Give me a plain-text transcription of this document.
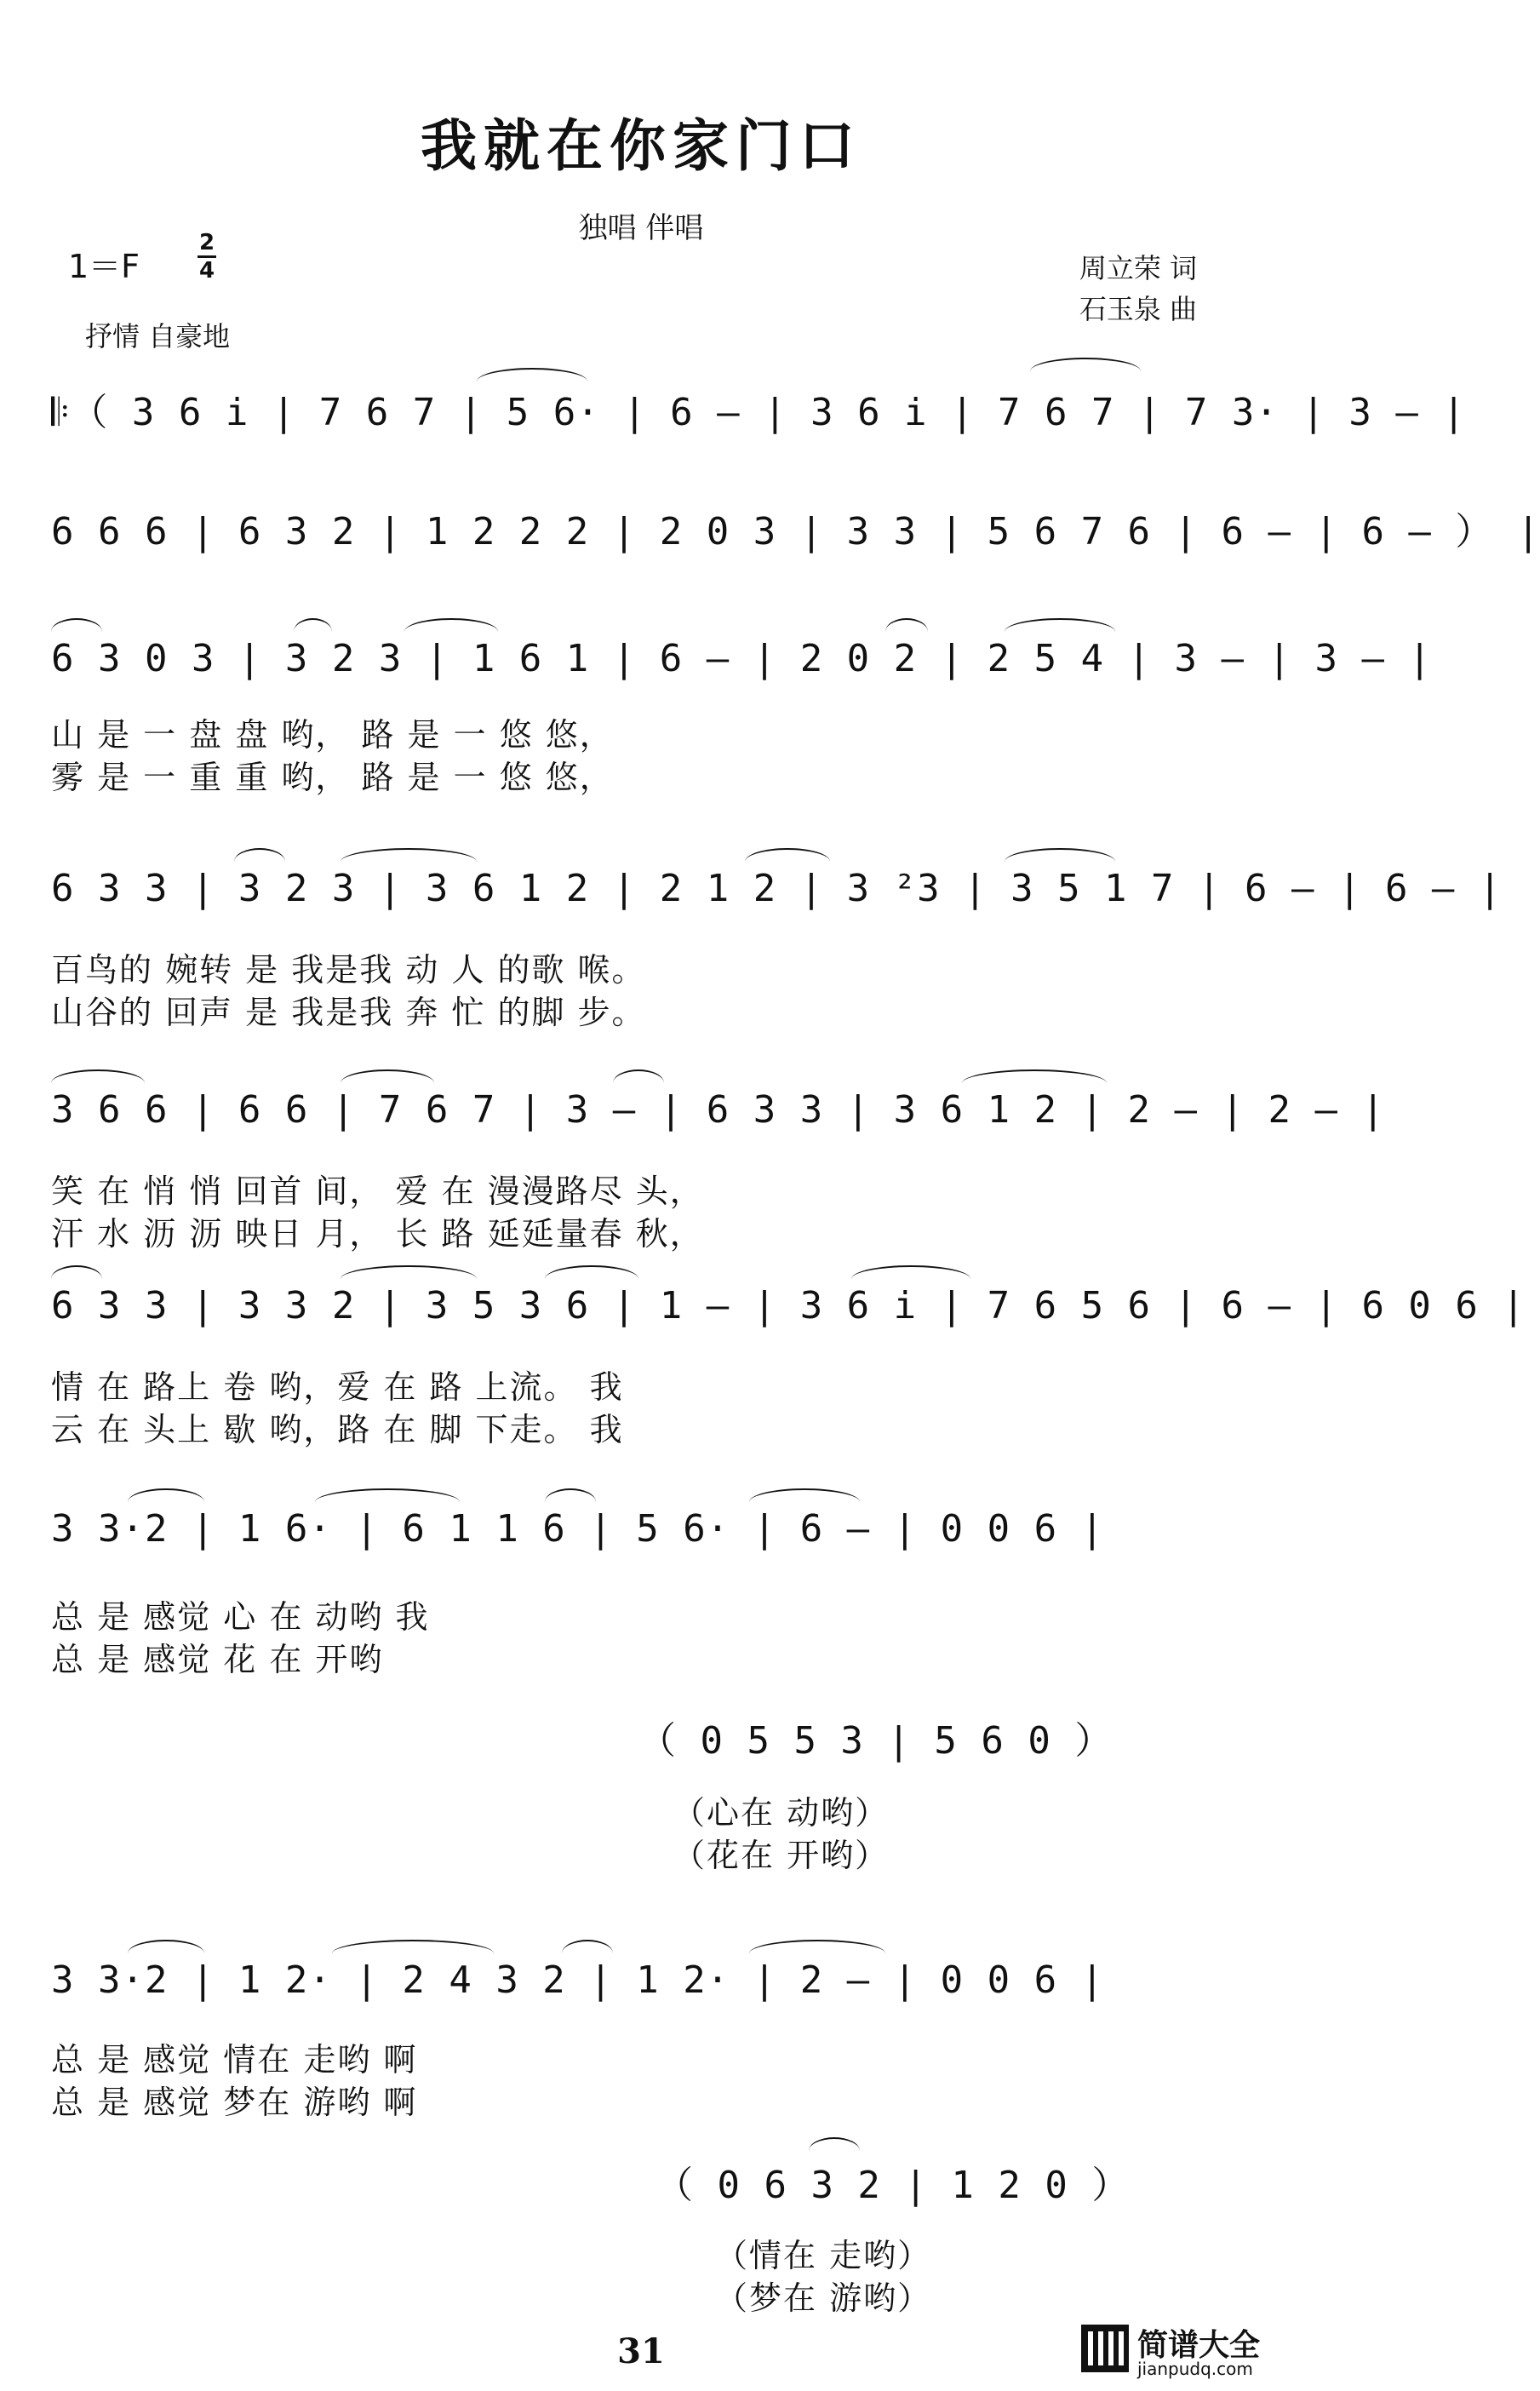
我就在你家门口
独唱 伴唱
1＝F
2
4	周立荣 词
石玉泉 曲
抒情 自豪地
𝄆（ 3 6 i | 7 6 7 | 5 6· | 6 – | 3 6 i | 7 6 7 | 7 3· | 3 – |
6 6 6 | 6 3 2 | 1 2 2 2 | 2 0 3 | 3 3 | 5 6 7 6 | 6 – | 6 – ） |
6 3 0 3 | 3 2 3 | 1 6 1 | 6 – | 2 0 2 | 2 5 4 | 3 – | 3 – |
山 是 一 盘 盘 哟， 路 是 一 悠 悠，
雾 是 一 重 重 哟， 路 是 一 悠 悠，
6 3 3 | 3 2 3 | 3 6 1 2 | 2 1 2 | 3 ²3 | 3 5 1 7 | 6 – | 6 – |
百鸟的 婉转 是 我是我 动 人 的歌 喉。
山谷的 回声 是 我是我 奔 忙 的脚 步。
3 6 6 | 6 6 | 7 6 7 | 3 – | 6 3 3 | 3 6 1 2 | 2 – | 2 – |
笑 在 悄 悄 回首 间， 爱 在 漫漫路尽 头，
汗 水 沥 沥 映日 月， 长 路 延延量春 秋，
6 3 3 | 3 3 2 | 3 5 3 6 | 1 – | 3 6 i | 7 6 5 6 | 6 – | 6 0 6 |
情 在 路上 卷 哟，爱 在 路 上流。 我
云 在 头上 歇 哟，路 在 脚 下走。 我
3 3·2 | 1 6· | 6 1 1 6 | 5 6· | 6 – | 0 0 6 |
总 是 感觉 心 在 动哟 我
总 是 感觉 花 在 开哟
（ 0 5 5 3 | 5 6 0 ）
（心在 动哟）
（花在 开哟）
3 3·2 | 1 2· | 2 4 3 2 | 1 2· | 2 – | 0 0 6 |
总 是 感觉 情在 走哟 啊
总 是 感觉 梦在 游哟 啊
（ 0 6 3 2 | 1 2 0 ）
（情在 走哟）
（梦在 游哟）
31	简谱大全
jianpudq.com
